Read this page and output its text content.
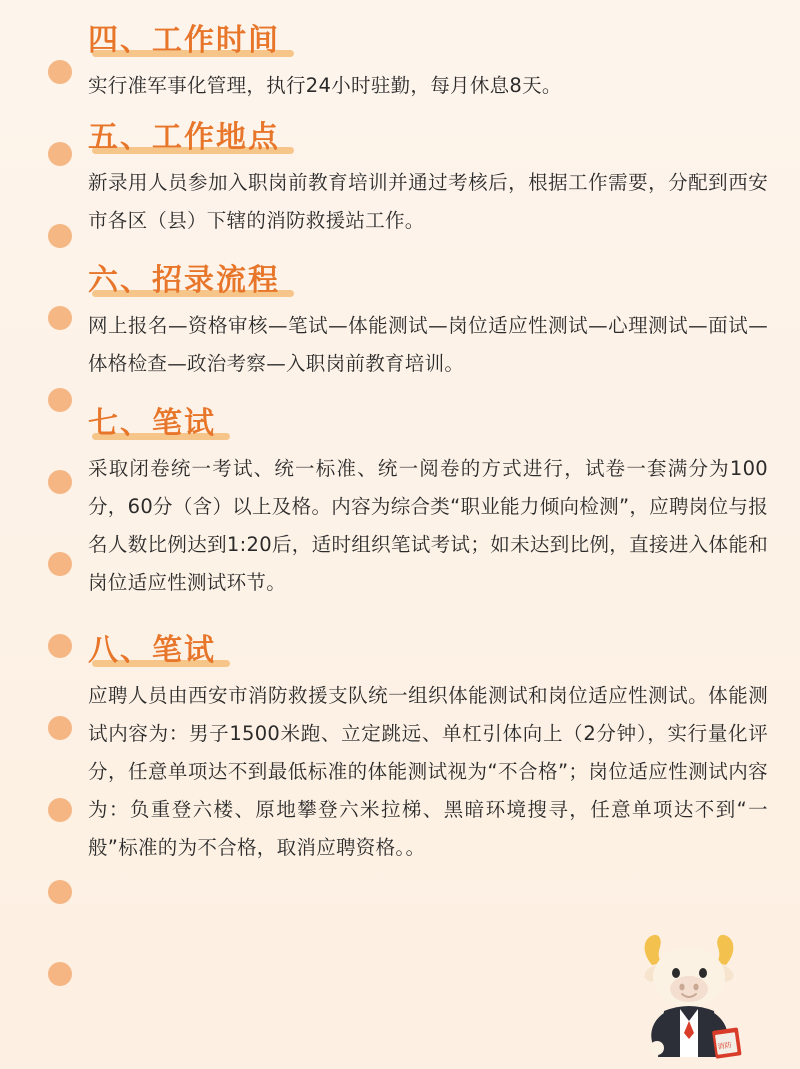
四、工作时间

实行准军事化管理，执行24小时驻勤，每月休息8天。

五、工作地点

新录用人员参加入职岗前教育培训并通过考核后，根据工作需要，分配到西安市各区（县）下辖的消防救援站工作。

六、招录流程

网上报名—资格审核—笔试—体能测试—岗位适应性测试—心理测试—面试—体格检查—政治考察—入职岗前教育培训。

七、笔试

采取闭卷统一考试、统一标准、统一阅卷的方式进行，试卷一套满分为100分，60分（含）以上及格。内容为综合类“职业能力倾向检测”，应聘岗位与报名人数比例达到1:20后，适时组织笔试考试；如未达到比例，直接进入体能和岗位适应性测试环节。

八、笔试

应聘人员由西安市消防救援支队统一组织体能测试和岗位适应性测试。体能测试内容为：男子1500米跑、立定跳远、单杠引体向上（2分钟），实行量化评分，任意单项达不到最低标准的体能测试视为“不合格”；岗位适应性测试内容为：负重登六楼、原地攀登六米拉梯、黑暗环境搜寻，任意单项达不到“一般”标准的为不合格，取消应聘资格。。

消防
